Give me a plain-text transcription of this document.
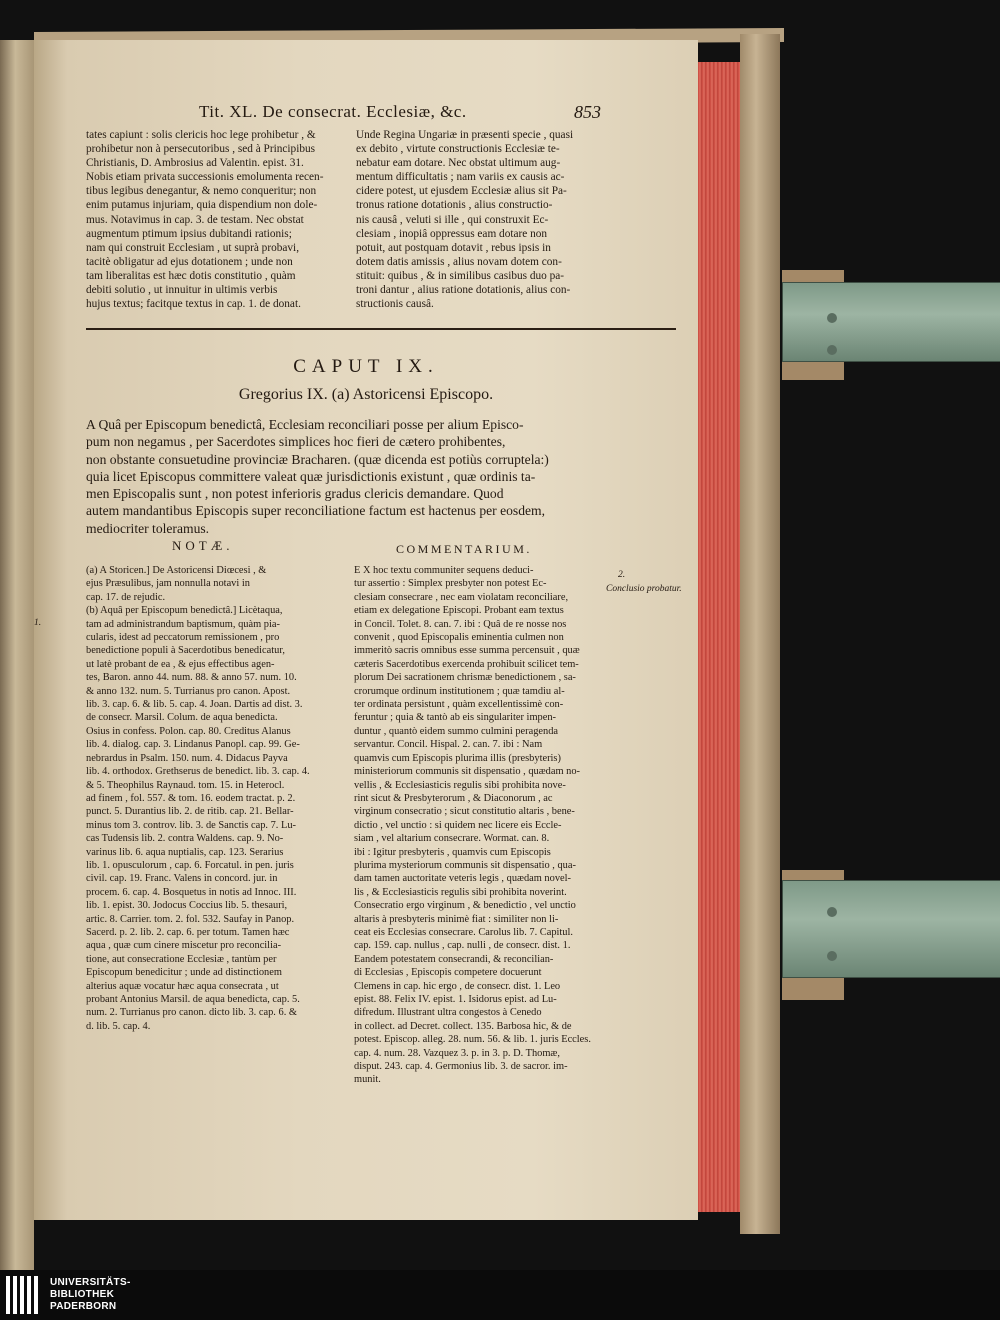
Tit. XL. De consecrat. Ecclesiæ, &c.	853
tates capiunt : solis clericis hoc lege prohibetur , &
prohibetur non à persecutoribus , sed à Principibus
Christianis, D. Ambrosius ad Valentin. epist. 31.
Nobis etiam privata successionis emolumenta recen-
tibus legibus denegantur, & nemo conqueritur; non
enim putamus injuriam, quia dispendium non dole-
mus. Notavimus in cap. 3. de testam. Nec obstat
augmentum ptimum ipsius dubitandi rationis;
nam qui construit Ecclesiam , ut suprà probavi,
tacitè obligatur ad ejus dotationem ; unde non
tam liberalitas est hæc dotis constitutio , quàm
debiti solutio , ut innuitur in ultimis verbis
hujus textus; facitque textus in cap. 1. de donat.
Unde Regina Ungariæ in præsenti specie , quasi
ex debito , virtute constructionis Ecclesiæ te-
nebatur eam dotare. Nec obstat ultimum aug-
mentum difficultatis ; nam variis ex causis ac-
cidere potest, ut ejusdem Ecclesiæ alius sit Pa-
tronus ratione dotationis , alius constructio-
nis causâ , veluti si ille , qui construxit Ec-
clesiam , inopiâ oppressus eam dotare non
potuit, aut postquam dotavit , rebus ipsis in
dotem datis amissis , alius novam dotem con-
stituit: quibus , & in similibus casibus duo pa-
troni dantur , alius ratione dotationis, alius con-
structionis causâ.
CAPUT IX.
Gregorius IX. (a) Astoricensi Episcopo.
A Quâ per Episcopum benedictâ, Ecclesiam reconciliari posse per alium Episco-
pum non negamus , per Sacerdotes simplices hoc fieri de cætero prohibentes,
non obstante consuetudine provinciæ Bracharen. (quæ dicenda est potiùs corruptela:)
quia licet Episcopus committere valeat quæ jurisdictionis existunt , quæ ordinis ta-
men Episcopalis sunt , non potest inferioris gradus clericis demandare. Quod
autem mandantibus Episcopis super reconciliatione factum est hactenus per eosdem,
mediocriter toleramus.
NOTÆ.	COMMENTARIUM.
(a) A Storicen.] De Astoricensi Diœcesi , &
ejus Præsulibus, jam nonnulla notavi in
cap. 17. de rejudic.
(b) Aquâ per Episcopum benedictâ.] Licètaqua,
tam ad administrandum baptismum, quàm pia-
cularis, idest ad peccatorum remissionem , pro
benedictione populi à Sacerdotibus benedicatur,
ut latè probant de ea , & ejus effectibus agen-
tes, Baron. anno 44. num. 88. & anno 57. num. 10.
& anno 132. num. 5. Turrianus pro canon. Apost.
lib. 3. cap. 6. & lib. 5. cap. 4. Joan. Dartis ad dist. 3.
de consecr. Marsil. Colum. de aqua benedicta.
Osius in confess. Polon. cap. 80. Creditus Alanus
lib. 4. dialog. cap. 3. Lindanus Panopl. cap. 99. Ge-
nebrardus in Psalm. 150. num. 4. Didacus Payva
lib. 4. orthodox. Grethserus de benedict. lib. 3. cap. 4.
& 5. Theophilus Raynaud. tom. 15. in Heterocl.
ad finem , fol. 557. & tom. 16. eodem tractat. p. 2.
punct. 5. Durantius lib. 2. de ritib. cap. 21. Bellar-
minus tom 3. controv. lib. 3. de Sanctis cap. 7. Lu-
cas Tudensis lib. 2. contra Waldens. cap. 9. No-
varinus lib. 6. aqua nuptialis, cap. 123. Serarius
lib. 1. opusculorum , cap. 6. Forcatul. in pen. juris
civil. cap. 19. Franc. Valens in concord. jur. in
procem. 6. cap. 4. Bosquetus in notis ad Innoc. III.
lib. 1. epist. 30. Jodocus Coccius lib. 5. thesauri,
artic. 8. Carrier. tom. 2. fol. 532. Saufay in Panop.
Sacerd. p. 2. lib. 2. cap. 6. per totum. Tamen hæc
aqua , quæ cum cinere miscetur pro reconcilia-
tione, aut consecratione Ecclesiæ , tantùm per
Episcopum benedicitur ; unde ad distinctionem
alterius aquæ vocatur hæc aqua consecrata , ut
probant Antonius Marsil. de aqua benedicta, cap. 5.
num. 2. Turrianus pro canon. dicto lib. 3. cap. 6. &
d. lib. 5. cap. 4.
E X hoc textu communiter sequens deduci-
tur assertio : Simplex presbyter non potest Ec-
clesiam consecrare , nec eam violatam reconciliare,
etiam ex delegatione Episcopi. Probant eam textus
in Concil. Tolet. 8. can. 7. ibi : Quâ de re nosse nos
convenit , quod Episcopalis eminentia culmen non
immeritò sacris omnibus esse summa percensuit , quæ
cæteris Sacerdotibus exercenda prohibuit scilicet tem-
plorum Dei sacrationem chrismæ benedictionem , sa-
crorumque ordinum institutionem ; quæ tamdiu al-
ter ordinata persistunt , quàm excellentissimè con-
feruntur ; quia & tantò ab eis singulariter impen-
duntur , quantò eidem summo culmini peragenda
servantur. Concil. Hispal. 2. can. 7. ibi : Nam
quamvis cum Episcopis plurima illis (presbyteris)
ministeriorum communis sit dispensatio , quædam no-
vellis , & Ecclesiasticis regulis sibi prohibita nove-
rint sicut & Presbyterorum , & Diaconorum , ac
virginum consecratio ; sicut constitutio altaris , bene-
dictio , vel unctio : si quidem nec licere eis Eccle-
siam , vel altarium consecrare. Wormat. can. 8.
ibi : Igitur presbyteris , quamvis cum Episcopis
plurima mysteriorum communis sit dispensatio , qua-
dam tamen auctoritate veteris legis , quædam novel-
lis , & Ecclesiasticis regulis sibi prohibita noverint.
Consecratio ergo virginum , & benedictio , vel unctio
altaris à presbyteris minimè fiat : similiter non li-
ceat eis Ecclesias consecrare. Carolus lib. 7. Capitul.
cap. 159. cap. nullus , cap. nulli , de consecr. dist. 1.
Eandem potestatem consecrandi, & reconcilian-
di Ecclesias , Episcopis competere docuerunt
Clemens in cap. hic ergo , de consecr. dist. 1. Leo
epist. 88. Felix IV. epist. 1. Isidorus epist. ad Lu-
difredum. Illustrant ultra congestos à Cenedo
in collect. ad Decret. collect. 135. Barbosa hic, & de
potest. Episcop. alleg. 28. num. 56. & lib. 1. juris Eccles.
cap. 4. num. 28. Vazquez 3. p. in 3. p. D. Thomæ,
disput. 243. cap. 4. Germonius lib. 3. de sacror. im-
munit.
1.
2.
Conclusio probatur.
UNIVERSITÄTS-
BIBLIOTHEK
PADERBORN
